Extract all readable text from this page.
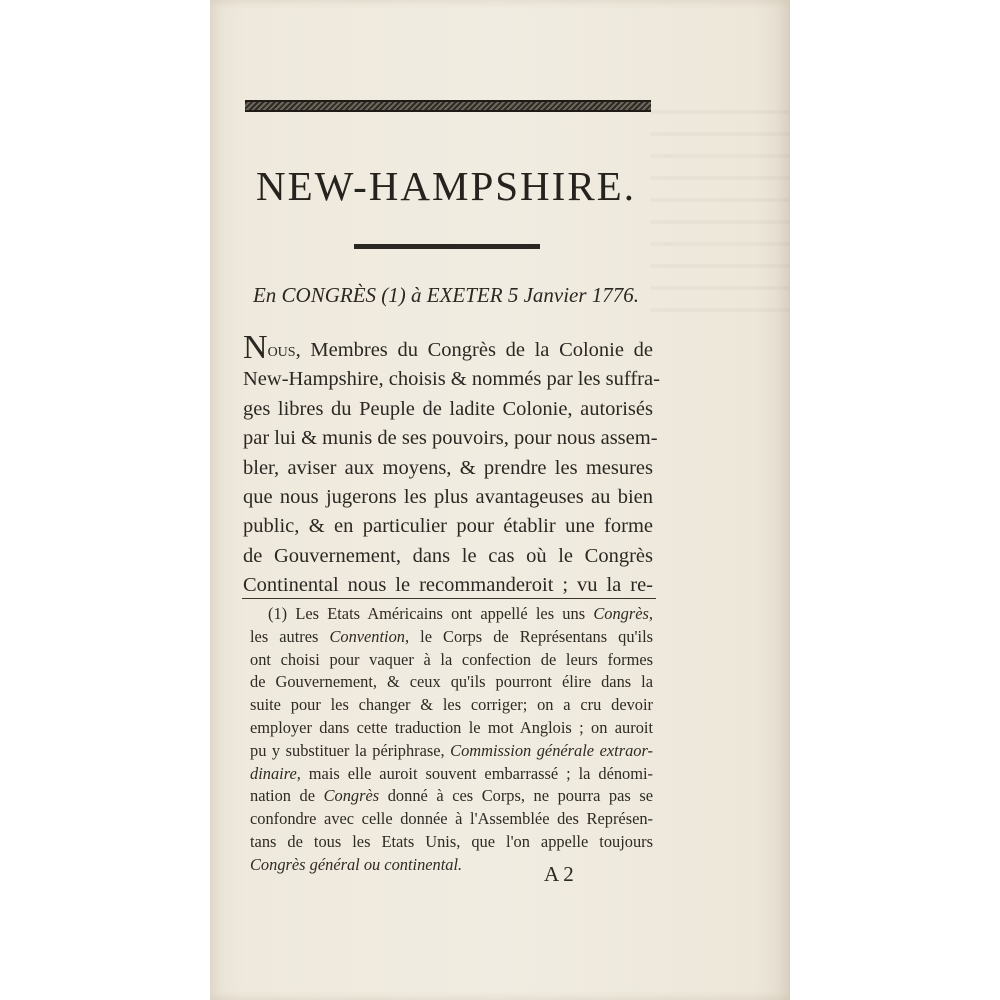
NEW-HAMPSHIRE.
En CONGRÈS (1) à EXETER 5 Janvier 1776.
Nous, Membres du Congrès de la Colonie de
New-Hampshire, choisis & nommés par les suffra-
ges libres du Peuple de ladite Colonie, autorisés
par lui & munis de ses pouvoirs, pour nous assem-
bler, aviser aux moyens, & prendre les mesures
que nous jugerons les plus avantageuses au bien
public, & en particulier pour établir une forme
de Gouvernement, dans le cas où le Congrès
Continental nous le recommanderoit ; vu la re-
(1) Les Etats Américains ont appellé les uns Congrès,
les autres Convention, le Corps de Représentans qu'ils
ont choisi pour vaquer à la confection de leurs formes
de Gouvernement, & ceux qu'ils pourront élire dans la
suite pour les changer & les corriger; on a cru devoir
employer dans cette traduction le mot Anglois ; on auroit
pu y substituer la périphrase, Commission générale extraor-
dinaire, mais elle auroit souvent embarrassé ; la dénomi-
nation de Congrès donné à ces Corps, ne pourra pas se
confondre avec celle donnée à l'Assemblée des Représen-
tans de tous les Etats Unis, que l'on appelle toujours
Congrès général ou continental.	A 2
